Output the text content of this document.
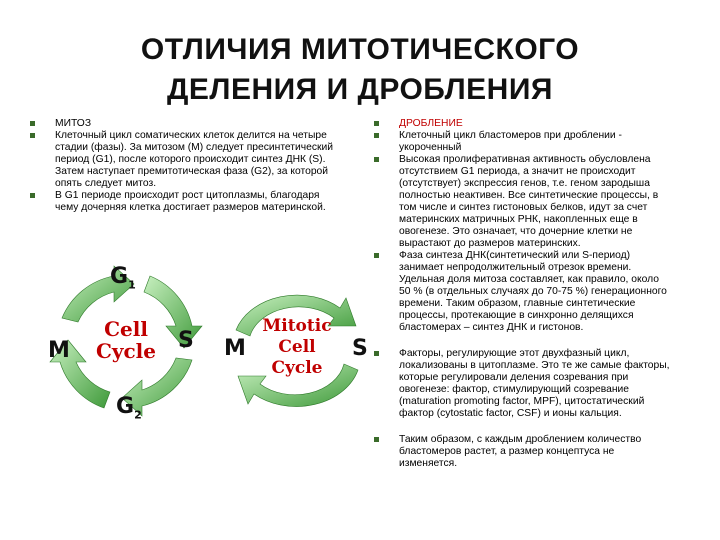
ОТЛИЧИЯ МИТОТИЧЕСКОГО
ДЕЛЕНИЯ И ДРОБЛЕНИЯ
МИТОЗ
Клеточный цикл соматических клеток делится на четыре стадии (фазы). За митозом (М) следует пресинтетический период (G1), после которого происходит синтез ДНК (S). Затем наступает премитотическая фаза (G2), за которой опять следует митоз.
В G1 периоде происходит рост цитоплазмы, благодаря чему дочерняя клетка достигает размеров материнской.
ДРОБЛЕНИЕ
Клеточный цикл бластомеров при дроблении - укороченный
Высокая пролиферативная активность обусловлена отсутствием G1 периода, а значит не происходит (отсутствует) экспрессия генов, т.е. геном зародыша полностью неактивен. Все синтетические процессы, в том числе и синтез гистоновых белков, идут за счет материнских матричных РНК, накопленных еще в овогенезе. Это означает, что дочерние клетки не вырастают до размеров материнских.
Фаза синтеза ДНК(синтетический или S-период) занимает непродолжительный отрезок времени. Удельная доля митоза составляет, как правило, около 50 % (в отдельных случаях до 70-75 %) генерационного времени. Таким образом, главные синтетические процессы, протекающие в синхронно делящихся бластомерах – синтез ДНК и гистонов.
Факторы, регулирующие этот двухфазный цикл, локализованы в цитоплазме. Это те же самые факторы, которые регулировали деления созревания при овогенезе: фактор, стимулирующий созревание (maturation promoting factor, MPF), цитостатический фактор (cytostatic factor, CSF) и ионы кальция.
Таким образом, с каждым дроблением количество бластомеров растет, а размер концептуса не изменяется.
Cell
Cycle
$G_1$
S
M
$G_2$
Mitotic
Cell
Cycle
M	S
